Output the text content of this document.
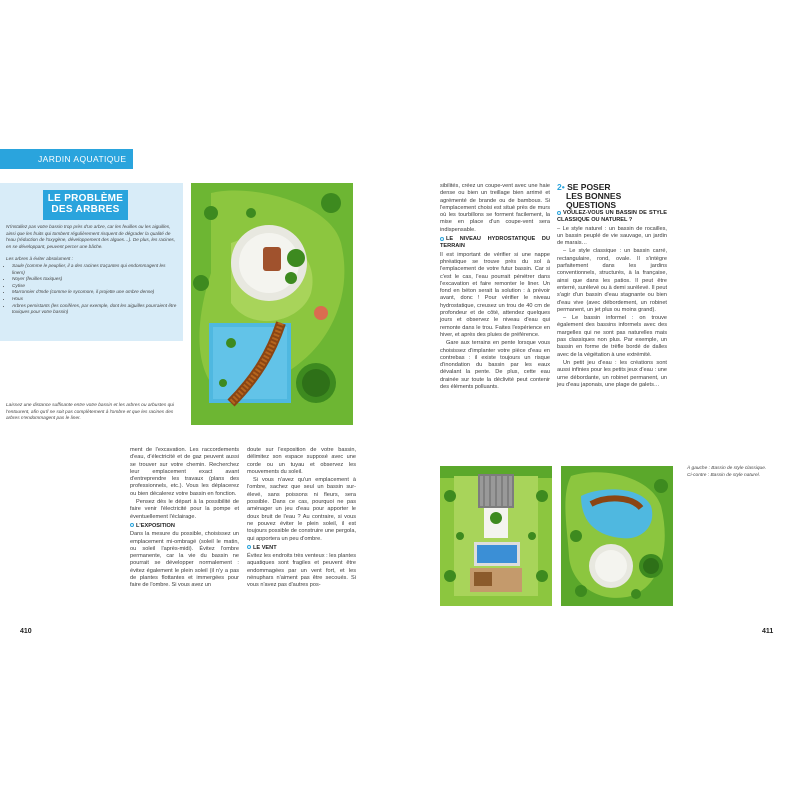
JARDIN AQUATIQUE
LE PROBLÈME
DES ARBRES
N'installez pas votre bassin trop près d'un arbre, car les feuilles ou les aiguilles, ainsi que les fruits qui tombent régulièrement risquent de dégrader la qualité de l'eau (réduction de l'oxygène, développement des algues…). De plus, les racines, en se développant, peuvent percer une bâche.
Les arbres à éviter absolument :
• Saule (comme le peuplier, il a des racines traçantes qui endommagent les liners)
• Noyer (feuilles toxiques)
• Cytise
• Marronnier d'Inde (comme le sycomore, il projette une ombre dense)
• Houx
• Arbres persistants (les conifères, par exemple, dont les aiguilles pourraient être toxiques pour votre bassin)
Laissez une distance suffisante entre votre bassin et les arbres ou arbustes qui l'entourent, afin qu'il ne soit pas complètement à l'ombre et que les racines des arbres n'endommagent pas le liner.

ment de l'excavation. Les raccordements d'eau, d'électricité et de gaz peuvent aussi se trouver sur votre chemin. Recherchez leur emplacement exact avant d'entreprendre les travaux (plans des professionnels, etc.). Vous les déplacerez ou bien décalerez votre bassin en fonction.

Pensez dès le départ à la possibilité de faire venir l'électricité pour la pompe et éventuellement l'éclairage.

L'EXPOSITION

Dans la mesure du possible, choisissez un emplacement mi-ombragé (soleil le matin, ou soleil l'après-midi). Évitez l'ombre permanente, car la vie du bassin ne pourrait se développer normalement : évitez également le plein soleil (il n'y a pas de plantes flottantes et immergées pour faire de l'ombre. Si vous avez un

doute sur l'exposition de votre bassin, délimitez son espace supposé avec une corde ou un tuyau et observez les mouvements du soleil.

Si vous n'avez qu'un emplacement à l'ombre, sachez que seul un bassin sur-élevé, sans poissons ni fleurs, sera possible. Dans ce cas, pourquoi ne pas aménager un jeu d'eau pour apporter le doux bruit de l'eau ? Au contraire, si vous ne pouvez éviter le plein soleil, il est toujours possible de construire une pergola, qui apportera un peu d'ombre.

LE VENT

Évitez les endroits très venteux : les plantes aquatiques sont fragiles et peuvent être endommagées par un vent fort, et les nénuphars n'aiment pas être secoués. Si vous n'avez pas d'autres pos-

410

sibilités, créez un coupe-vent avec une haie dense ou bien un treillage bien arrimé et agrémenté de brande ou de bambous. Si l'emplacement choisi est situé près de murs où les tourbillons se forment facilement, la mise en place d'un coupe-vent sera indispensable.

LE NIVEAU HYDROSTATIQUE DU TERRAIN

Il est important de vérifier si une nappe phréatique se trouve près du sol à l'emplacement de votre futur bassin. Car si c'est le cas, l'eau pourrait pénétrer dans l'excavation et faire remonter le liner. Un fond en béton serait la solution : à prévoir avant, donc ! Pour vérifier le niveau hydrostatique, creusez un trou de 40 cm de profondeur et de côté, attendez quelques jours et observez le niveau d'eau qui remonte dans le trou. Faites l'expérience en hiver, et après des pluies de préférence.

Gare aux terrains en pente lorsque vous choisissez d'implanter votre pièce d'eau en contrebas : il existe toujours un risque d'inondation du bassin par les eaux dévalant la pente. De plus, cette eau drainée sur toute la déclivité peut contenir des éléments polluants.

2• SE POSER
LES BONNES QUESTIONS
VOULEZ-VOUS UN BASSIN DE STYLE CLASSIQUE OU NATUREL ?

– Le style naturel : un bassin de rocailles, un bassin peuplé de vie sauvage, un jardin de marais…

– Le style classique : un bassin carré, rectangulaire, rond, ovale. Il s'intègre parfaitement dans les jardins conventionnels, structurés, à la française, ainsi que dans les patios. Il peut être enterré, surélevé ou à demi surélevé. Il peut s'agir d'un bassin d'eau stagnante ou bien d'eau vive (avec débordement, un robinet permanent, un jet plus ou moins grand).

– Le bassin informel : on trouve également des bassins informels avec des margelles qui ne sont pas naturelles mais pas classiques non plus. Par exemple, un bassin en forme de trèfle bordé de dalles avec de la végétation à une extrémité.

Un petit jeu d'eau : les créations sont aussi infinies pour les petits jeux d'eau : une urne débordante, un robinet permanent, un jeu d'eau japonais, une plage de galets…

À gauche : Bassin de style classique. Ci-contre : Bassin de style naturel.
411
